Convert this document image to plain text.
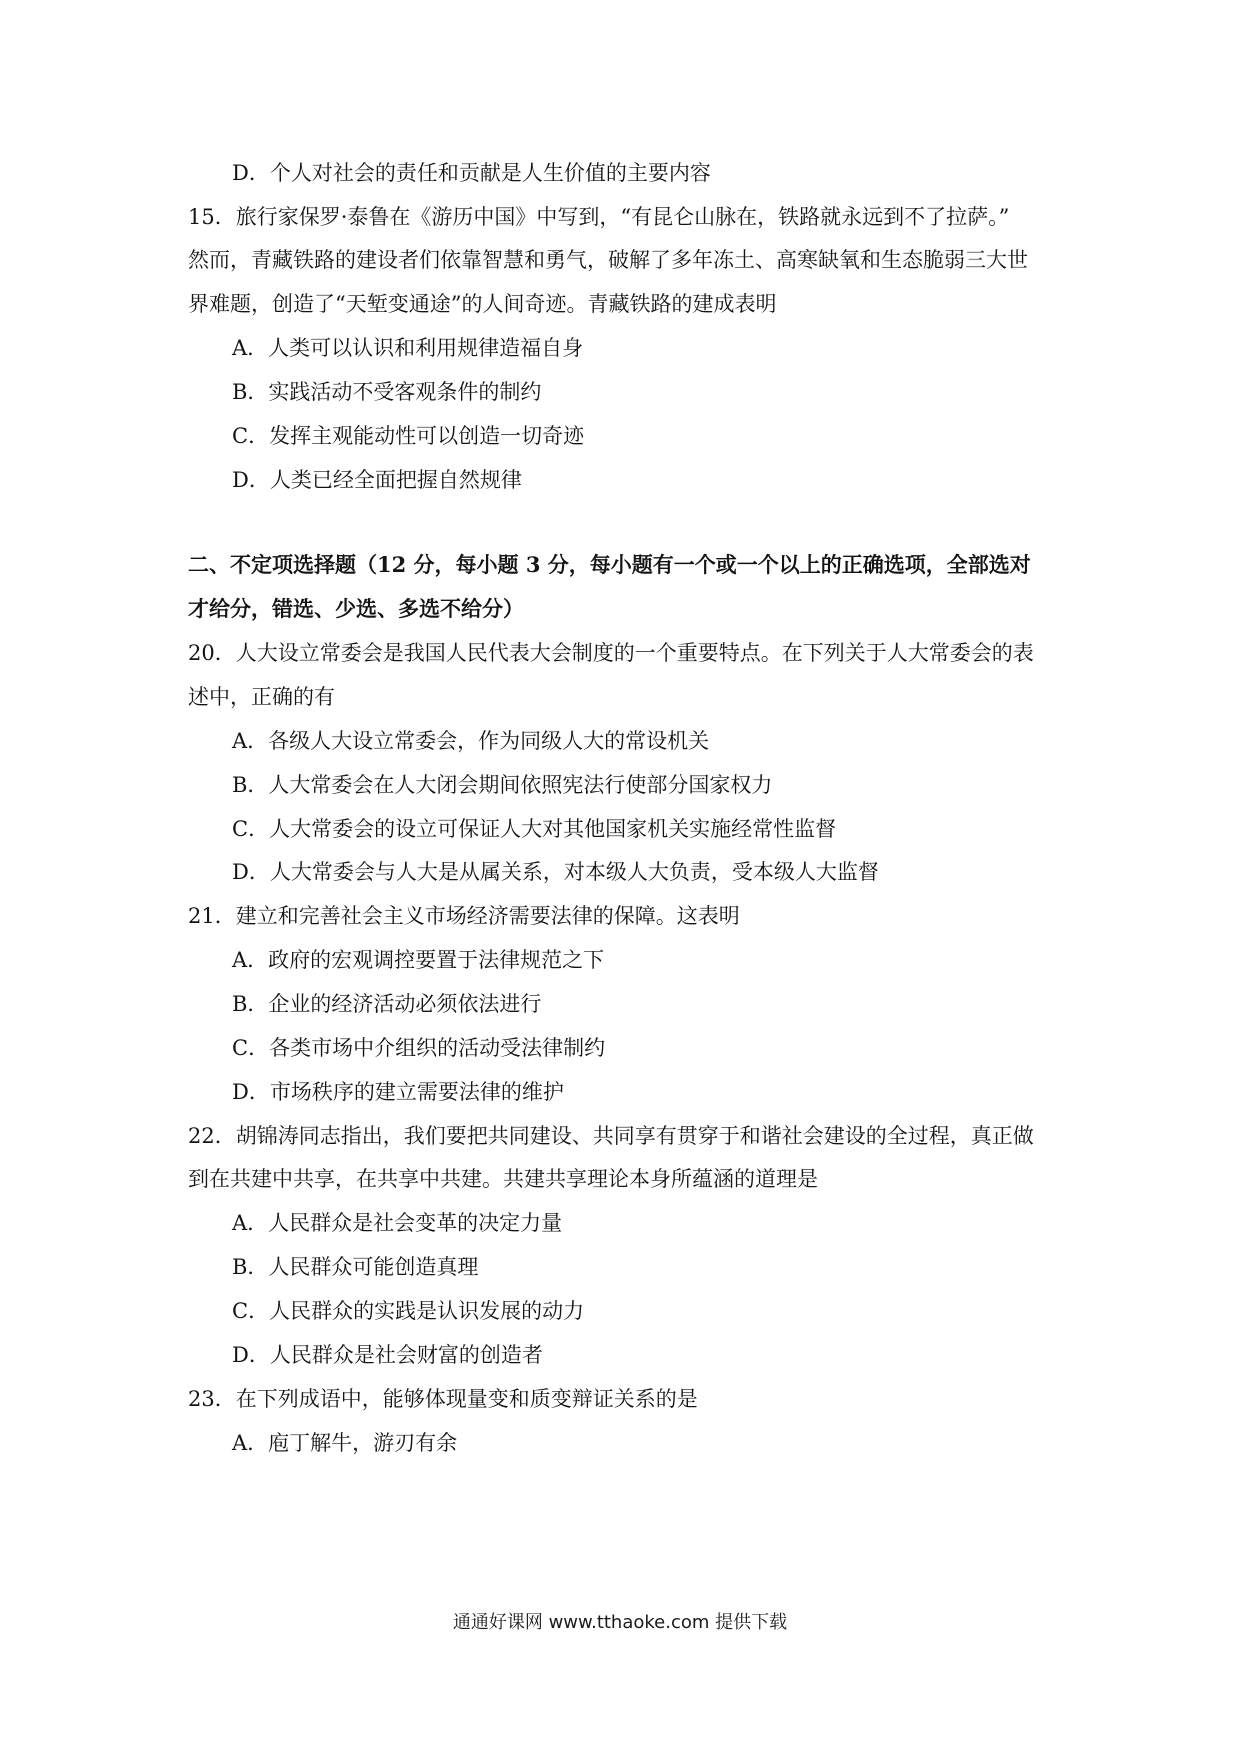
D．个人对社会的责任和贡献是人生价值的主要内容
15．旅行家保罗·泰鲁在《游历中国》中写到，“有昆仑山脉在，铁路就永远到不了拉萨。”
然而，青藏铁路的建设者们依靠智慧和勇气，破解了多年冻土、高寒缺氧和生态脆弱三大世
界难题，创造了“天堑变通途”的人间奇迹。青藏铁路的建成表明
A．人类可以认识和利用规律造福自身
B．实践活动不受客观条件的制约
C．发挥主观能动性可以创造一切奇迹
D．人类已经全面把握自然规律
二、不定项选择题（12 分，每小题 3 分，每小题有一个或一个以上的正确选项，全部选对
才给分，错选、少选、多选不给分）
20．人大设立常委会是我国人民代表大会制度的一个重要特点。在下列关于人大常委会的表
述中，正确的有
A．各级人大设立常委会，作为同级人大的常设机关
B．人大常委会在人大闭会期间依照宪法行使部分国家权力
C．人大常委会的设立可保证人大对其他国家机关实施经常性监督
D．人大常委会与人大是从属关系，对本级人大负责，受本级人大监督
21．建立和完善社会主义市场经济需要法律的保障。这表明
A．政府的宏观调控要置于法律规范之下
B．企业的经济活动必须依法进行
C．各类市场中介组织的活动受法律制约
D．市场秩序的建立需要法律的维护
22．胡锦涛同志指出，我们要把共同建设、共同享有贯穿于和谐社会建设的全过程，真正做
到在共建中共享，在共享中共建。共建共享理论本身所蕴涵的道理是
A．人民群众是社会变革的决定力量
B．人民群众可能创造真理
C．人民群众的实践是认识发展的动力
D．人民群众是社会财富的创造者
23．在下列成语中，能够体现量变和质变辩证关系的是
A．庖丁解牛，游刃有余
通通好课网 www.tthaoke.com 提供下载
